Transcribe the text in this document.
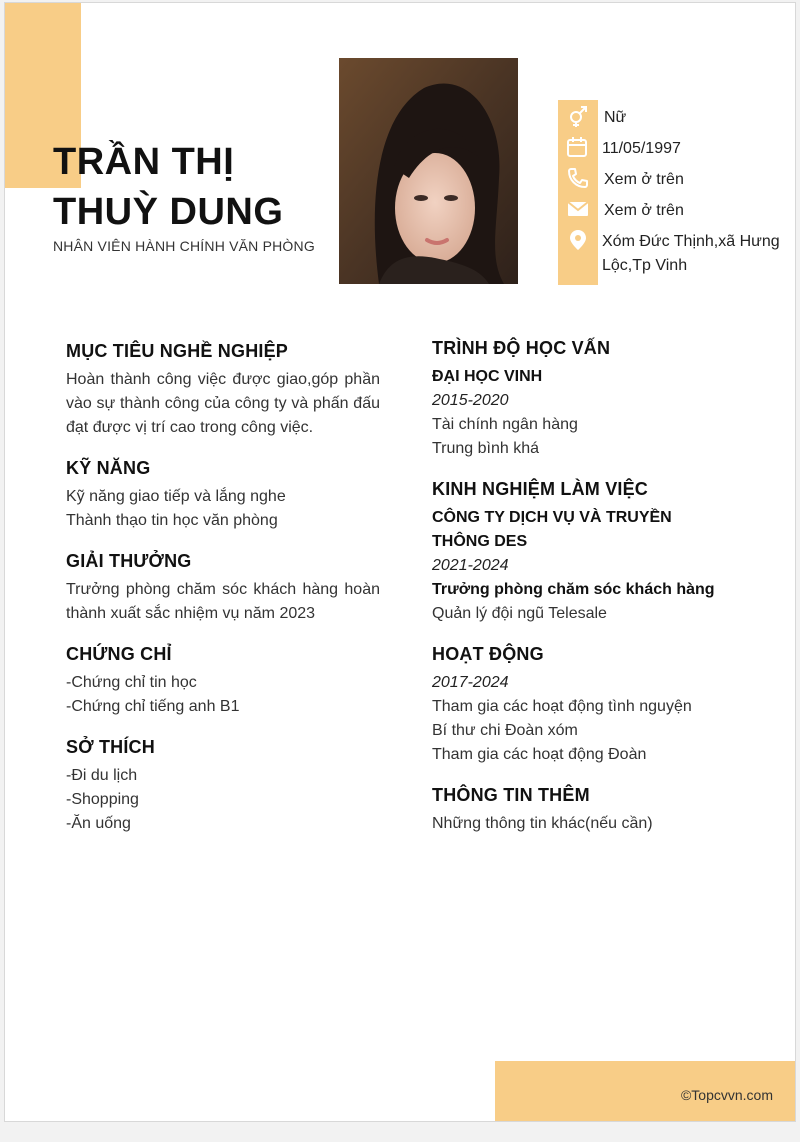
TRẦN THỊ
THUỲ DUNG
NHÂN VIÊN HÀNH CHÍNH VĂN PHÒNG
Nữ
11/05/1997
Xem ở trên
Xem ở trên
Xóm Đức Thịnh,xã Hưng Lộc,Tp Vinh
MỤC TIÊU NGHỀ NGHIỆP

Hoàn thành công việc được giao,góp phần vào sự thành công của công ty và phấn đấu đạt được vị trí cao trong công việc.

KỸ NĂNG

Kỹ năng giao tiếp và lắng nghe

Thành thạo tin học văn phòng

GIẢI THƯỞNG

Trưởng phòng chăm sóc khách hàng hoàn thành xuất sắc nhiệm vụ năm 2023

CHỨNG CHỈ

-Chứng chỉ tin học

-Chứng chỉ tiếng anh B1

SỞ THÍCH

-Đi du lịch

-Shopping

-Ăn uống

TRÌNH ĐỘ HỌC VẤN

ĐẠI HỌC VINH

2015-2020

Tài chính ngân hàng

Trung bình khá

KINH NGHIỆM LÀM VIỆC

CÔNG TY DỊCH VỤ VÀ TRUYỀN THÔNG DES

2021-2024

Trưởng phòng chăm sóc khách hàng

Quản lý đội ngũ Telesale

HOẠT ĐỘNG

2017-2024

Tham gia các hoạt động tình nguyện

Bí thư chi Đoàn xóm

Tham gia các hoạt động Đoàn

THÔNG TIN THÊM

Những thông tin khác(nếu cần)

©Topcvvn.com
